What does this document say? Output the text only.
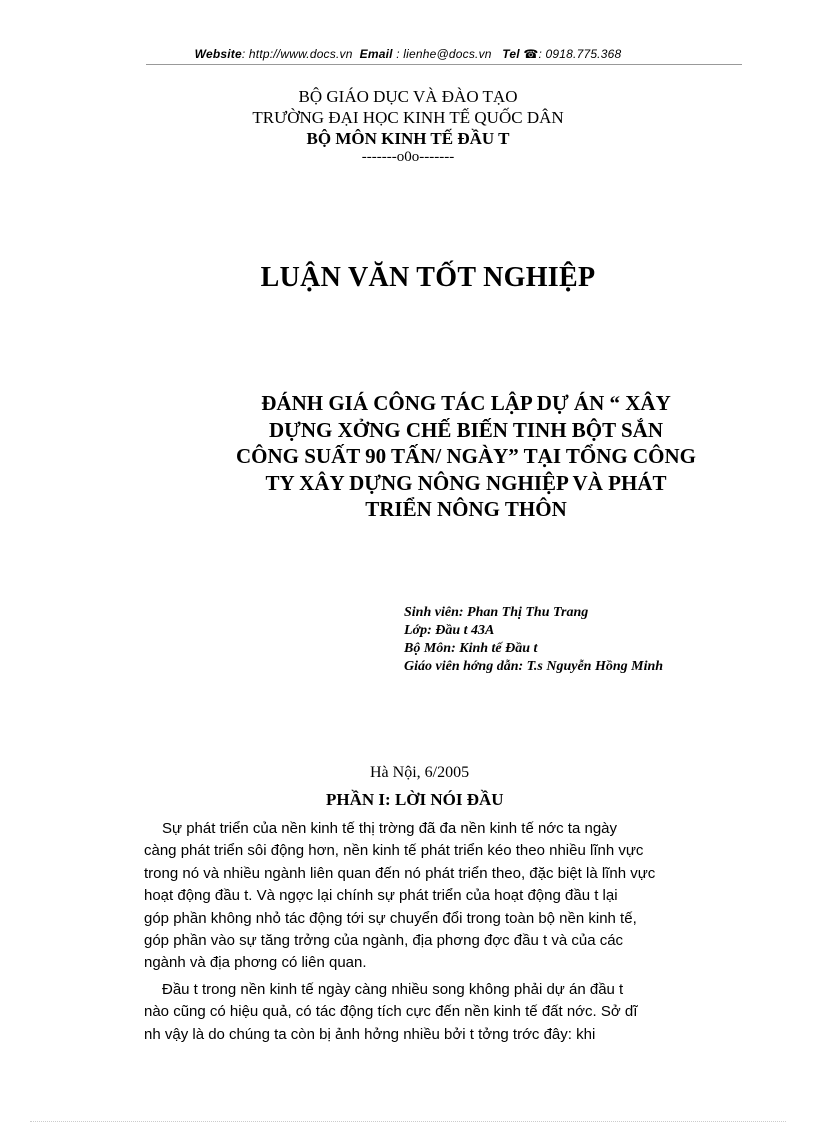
Website: http://www.docs.vn Email : lienhe@docs.vn Tel ☎: 0918.775.368
BỘ GIÁO DỤC VÀ ĐÀO TẠO
TRƯỜNG ĐẠI HỌC KINH TẾ QUỐC DÂN
BỘ MÔN KINH TẾ ĐẦU T
-------o0o-------
LUẬN VĂN TỐT NGHIỆP
ĐÁNH GIÁ CÔNG TÁC LẬP DỰ ÁN “ XÂY
DỰNG XỞNG CHẾ BIẾN TINH BỘT SẮN
CÔNG SUẤT 90 TẤN/ NGÀY” TẠI TỔNG CÔNG
TY XÂY DỰNG NÔNG NGHIỆP VÀ PHÁT
TRIỂN NÔNG THÔN
Sinh viên: Phan Thị Thu Trang
Lớp: Đầu t 43A
Bộ Môn: Kinh tế Đầu t
Giáo viên hớng dẫn: T.s Nguyễn Hồng Minh
Hà Nội, 6/2005
PHẦN I: LỜI NÓI ĐẦU
Sự phát triển của nền kinh tế thị trờng đã đa nền kinh tế nớc ta ngày
càng phát triển sôi động hơn, nền kinh tế phát triển kéo theo nhiều lĩnh vực
trong nó và nhiều ngành liên quan đến nó phát triển theo, đặc biệt là lĩnh vực
hoạt động đầu t. Và ngợc lại chính sự phát triển của hoạt động đầu t lại
góp phần không nhỏ tác động tới sự chuyển đổi trong toàn bộ nền kinh tế,
góp phần vào sự tăng trởng của ngành, địa phơng đợc đầu t và của các
ngành và địa phơng có liên quan.
Đầu t trong nền kinh tế ngày càng nhiều song không phải dự án đầu t
nào cũng có hiệu quả, có tác động tích cực đến nền kinh tế đất nớc. Sở dĩ
nh vậy là do chúng ta còn bị ảnh hởng nhiều bởi t tởng trớc đây: khi
